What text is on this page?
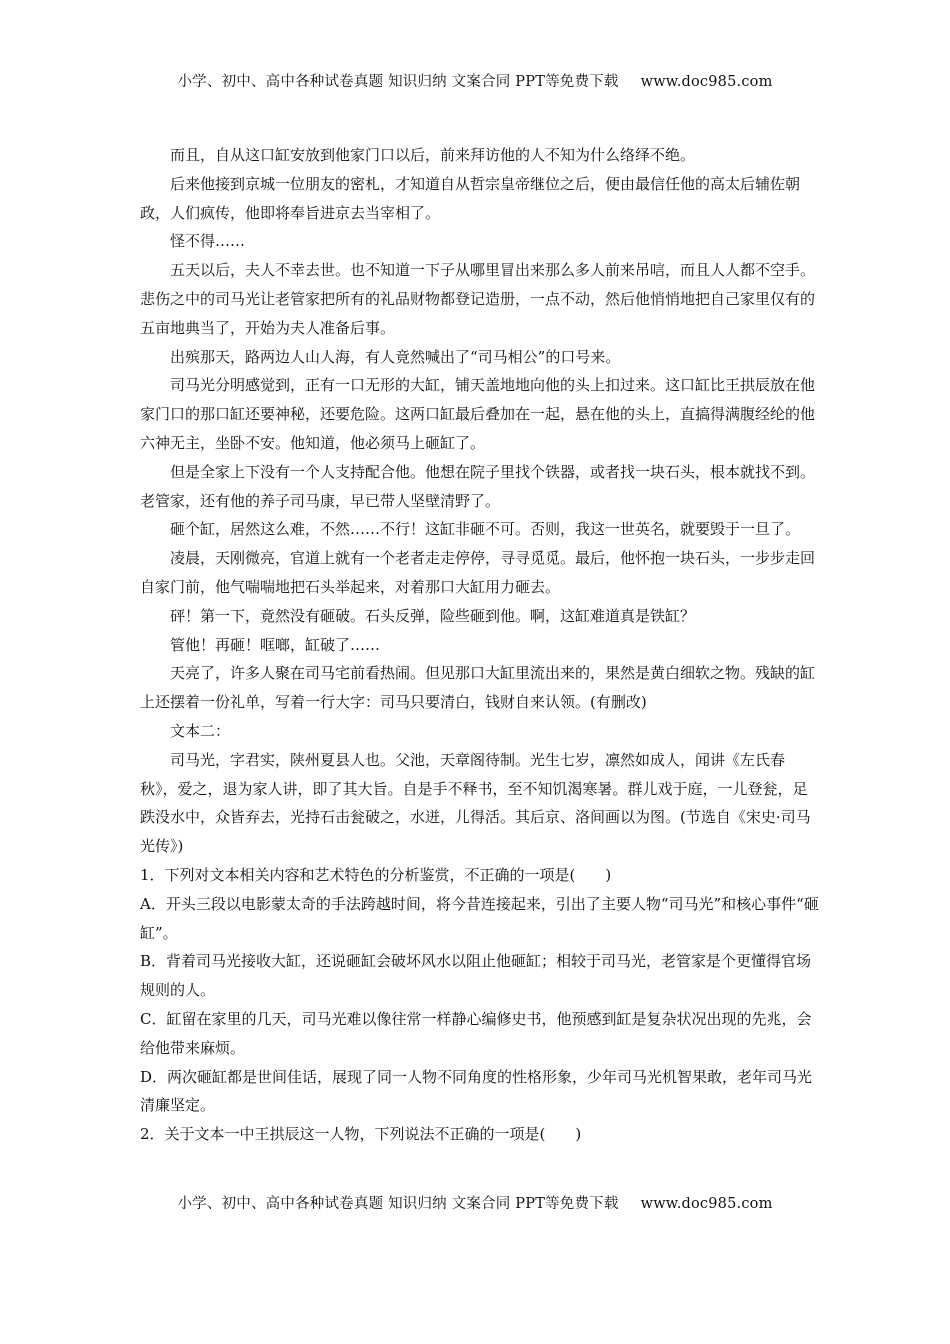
小学、初中、高中各种试卷真题 知识归纳 文案合同 PPT等免费下载 www.doc985.com

而且，自从这口缸安放到他家门口以后，前来拜访他的人不知为什么络绎不绝。

后来他接到京城一位朋友的密札，才知道自从哲宗皇帝继位之后，便由最信任他的高太后辅佐朝政，人们疯传，他即将奉旨进京去当宰相了。

怪不得……

五天以后，夫人不幸去世。也不知道一下子从哪里冒出来那么多人前来吊唁，而且人人都不空手。悲伤之中的司马光让老管家把所有的礼品财物都登记造册，一点不动，然后他悄悄地把自己家里仅有的五亩地典当了，开始为夫人准备后事。

出殡那天，路两边人山人海，有人竟然喊出了“司马相公”的口号来。

司马光分明感觉到，正有一口无形的大缸，铺天盖地地向他的头上扣过来。这口缸比王拱辰放在他家门口的那口缸还要神秘，还要危险。这两口缸最后叠加在一起，悬在他的头上，直搞得满腹经纶的他六神无主，坐卧不安。他知道，他必须马上砸缸了。

但是全家上下没有一个人支持配合他。他想在院子里找个铁器，或者找一块石头，根本就找不到。老管家，还有他的养子司马康，早已带人坚壁清野了。

砸个缸，居然这么难，不然……不行！这缸非砸不可。否则，我这一世英名，就要毁于一旦了。

凌晨，天刚微亮，官道上就有一个老者走走停停，寻寻觅觅。最后，他怀抱一块石头，一步步走回自家门前，他气喘喘地把石头举起来，对着那口大缸用力砸去。

砰！第一下，竟然没有砸破。石头反弹，险些砸到他。啊，这缸难道真是铁缸？

管他！再砸！哐啷，缸破了……

天亮了，许多人聚在司马宅前看热闹。但见那口大缸里流出来的，果然是黄白细软之物。残缺的缸上还摆着一份礼单，写着一行大字：司马只要清白，钱财自来认领。(有删改)

文本二：

司马光，字君实，陕州夏县人也。父池，天章阁待制。光生七岁，凛然如成人，闻讲《左氏春秋》，爱之，退为家人讲，即了其大旨。自是手不释书，至不知饥渴寒暑。群儿戏于庭，一儿登瓮，足跌没水中，众皆弃去，光持石击瓮破之，水迸，儿得活。其后京、洛间画以为图。(节选自《宋史·司马光传》)

1．下列对文本相关内容和艺术特色的分析鉴赏，不正确的一项是(　　)

A．开头三段以电影蒙太奇的手法跨越时间，将今昔连接起来，引出了主要人物“司马光”和核心事件“砸缸”。

B．背着司马光接收大缸，还说砸缸会破坏风水以阻止他砸缸；相较于司马光，老管家是个更懂得官场规则的人。

C．缸留在家里的几天，司马光难以像往常一样静心编修史书，他预感到缸是复杂状况出现的先兆，会给他带来麻烦。

D．两次砸缸都是世间佳话，展现了同一人物不同角度的性格形象，少年司马光机智果敢，老年司马光清廉坚定。

2．关于文本一中王拱辰这一人物，下列说法不正确的一项是(　　)

小学、初中、高中各种试卷真题 知识归纳 文案合同 PPT等免费下载 www.doc985.com
